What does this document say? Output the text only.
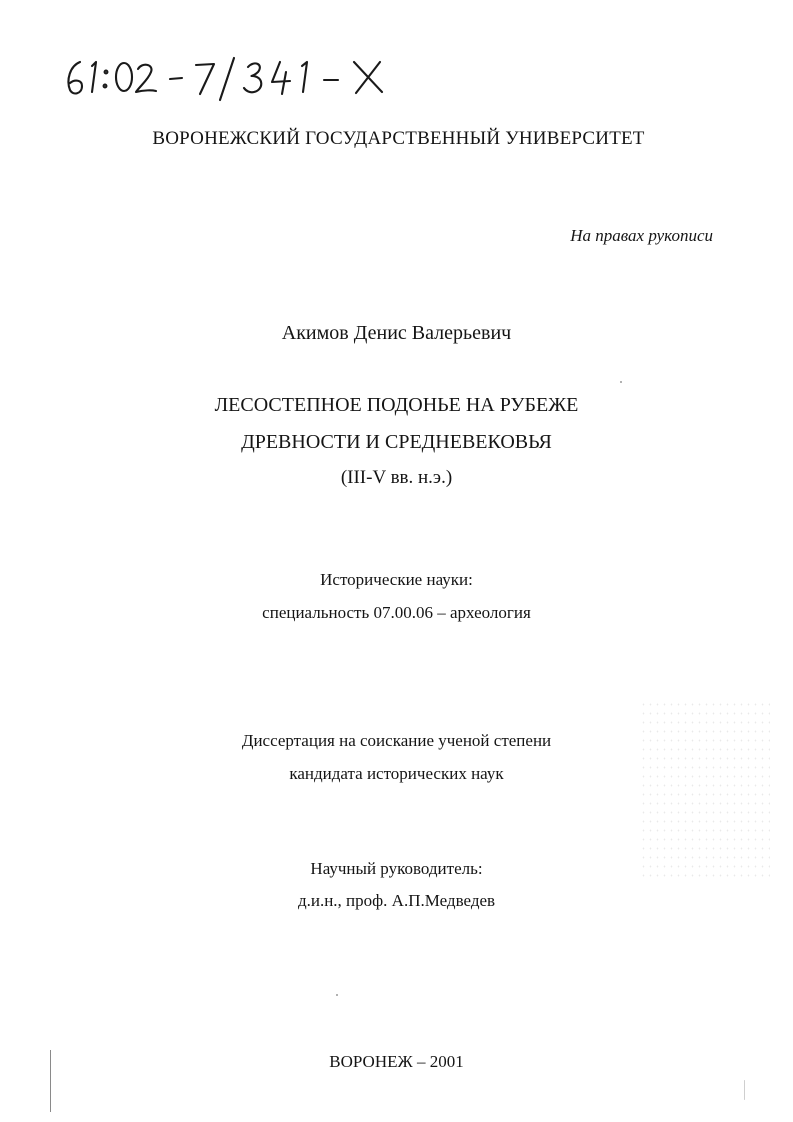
ВОРОНЕЖСКИЙ ГОСУДАРСТВЕННЫЙ УНИВЕРСИТЕТ
На правах рукописи
Акимов Денис Валерьевич
ЛЕСОСТЕПНОЕ ПОДОНЬЕ НА РУБЕЖЕ
ДРЕВНОСТИ И СРЕДНЕВЕКОВЬЯ
(III-V вв. н.э.)
Исторические науки:
специальность 07.00.06 – археология
Диссертация на соискание ученой степени
кандидата исторических наук
Научный руководитель:
д.и.н., проф. А.П.Медведев
ВОРОНЕЖ – 2001
